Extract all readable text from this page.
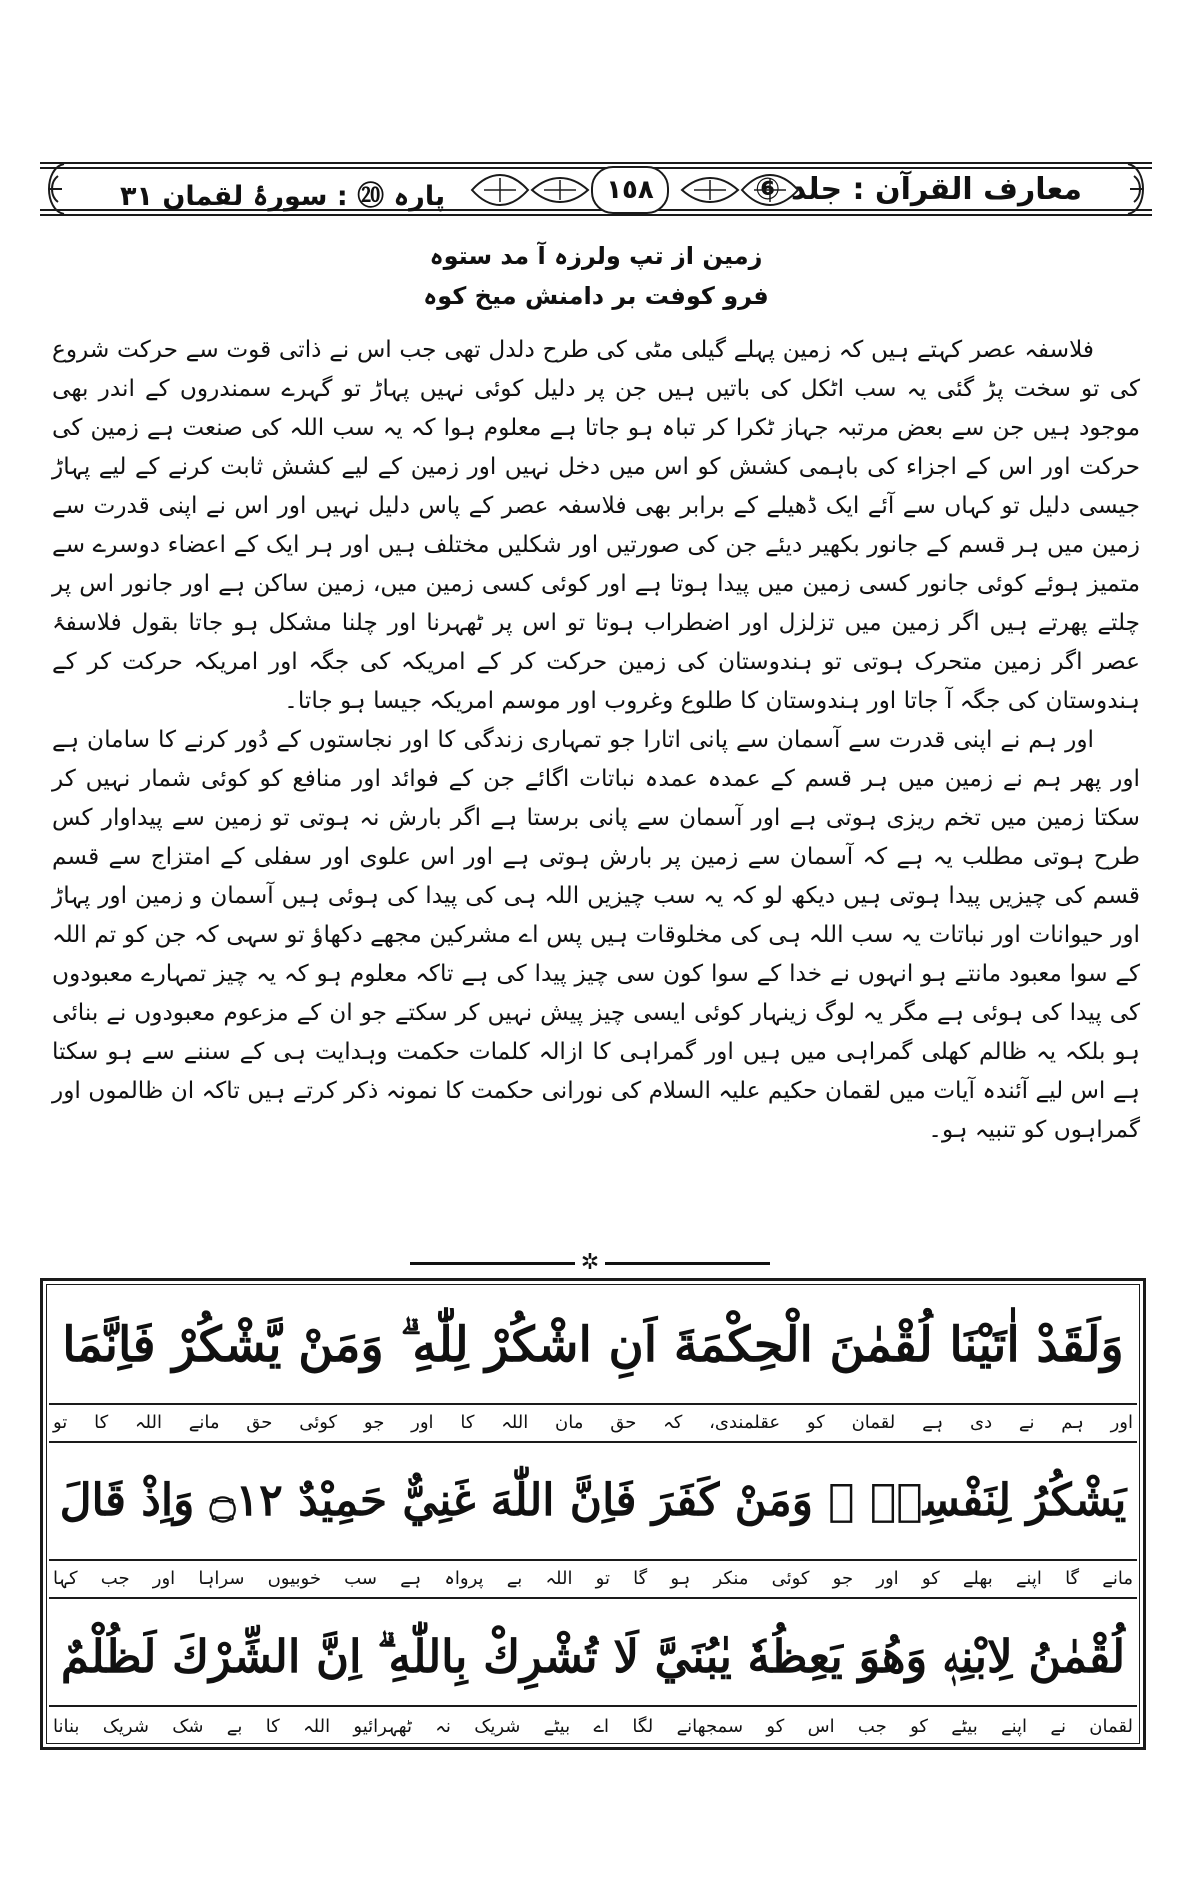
معارف القرآن : جلد ⑥
١٥٨
پارہ ⑳ : سورۂ لقمان ٣١
زمین از تپ ولرزہ آ مد ستوہ
فرو کوفت بر دامنش میخ کوہ

فلاسفہ عصر کہتے ہیں کہ زمین پہلے گیلی مٹی کی طرح دلدل تھی جب اس نے ذاتی قوت سے حرکت شروع کی تو سخت پڑ گئی یہ سب اٹکل کی باتیں ہیں جن پر دلیل کوئی نہیں پہاڑ تو گہرے سمندروں کے اندر بھی موجود ہیں جن سے بعض مرتبہ جہاز ٹکرا کر تباہ ہو جاتا ہے معلوم ہوا کہ یہ سب اللہ کی صنعت ہے زمین کی حرکت اور اس کے اجزاء کی باہمی کشش کو اس میں دخل نہیں اور زمین کے لیے کشش ثابت کرنے کے لیے پہاڑ جیسی دلیل تو کہاں سے آئے ایک ڈھیلے کے برابر بھی فلاسفہ عصر کے پاس دلیل نہیں اور اس نے اپنی قدرت سے زمین میں ہر قسم کے جانور بکھیر دیئے جن کی صورتیں اور شکلیں مختلف ہیں اور ہر ایک کے اعضاء دوسرے سے متمیز ہوئے کوئی جانور کسی زمین میں پیدا ہوتا ہے اور کوئی کسی زمین میں، زمین ساکن ہے اور جانور اس پر چلتے پھرتے ہیں اگر زمین میں تزلزل اور اضطراب ہوتا تو اس پر ٹھہرنا اور چلنا مشکل ہو جاتا بقول فلاسفۂ عصر اگر زمین متحرک ہوتی تو ہندوستان کی زمین حرکت کر کے امریکہ کی جگہ اور امریکہ حرکت کر کے ہندوستان کی جگہ آ جاتا اور ہندوستان کا طلوع وغروب اور موسم امریکہ جیسا ہو جاتا۔

اور ہم نے اپنی قدرت سے آسمان سے پانی اتارا جو تمہاری زندگی کا اور نجاستوں کے دُور کرنے کا سامان ہے اور پھر ہم نے زمین میں ہر قسم کے عمدہ عمدہ نباتات اگائے جن کے فوائد اور منافع کو کوئی شمار نہیں کر سکتا زمین میں تخم ریزی ہوتی ہے اور آسمان سے پانی برستا ہے اگر بارش نہ ہوتی تو زمین سے پیداوار کس طرح ہوتی مطلب یہ ہے کہ آسمان سے زمین پر بارش ہوتی ہے اور اس علوی اور سفلی کے امتزاج سے قسم قسم کی چیزیں پیدا ہوتی ہیں دیکھ لو کہ یہ سب چیزیں اللہ ہی کی پیدا کی ہوئی ہیں آسمان و زمین اور پہاڑ اور حیوانات اور نباتات یہ سب اللہ ہی کی مخلوقات ہیں پس اے مشرکین مجھے دکھاؤ تو سہی کہ جن کو تم اللہ کے سوا معبود مانتے ہو انہوں نے خدا کے سوا کون سی چیز پیدا کی ہے تاکہ معلوم ہو کہ یہ چیز تمہارے معبودوں کی پیدا کی ہوئی ہے مگر یہ لوگ زینہار کوئی ایسی چیز پیش نہیں کر سکتے جو ان کے مزعوم معبودوں نے بنائی ہو بلکہ یہ ظالم کھلی گمراہی میں ہیں اور گمراہی کا ازالہ کلمات حکمت وہدایت ہی کے سننے سے ہو سکتا ہے اس لیے آئندہ آیات میں لقمان حکیم علیہ السلام کی نورانی حکمت کا نمونہ ذکر کرتے ہیں تاکہ ان ظالموں اور گمراہوں کو تنبیہ ہو۔

✲
وَلَقَدْ اٰتَيْنَا لُقْمٰنَ الْحِكْمَةَ اَنِ اشْكُرْ لِلّٰهِ ۗ وَمَنْ يَّشْكُرْ فَاِنَّمَا
اور ہم نے دی ہے لقمان کو عقلمندی، کہ حق مان اللہ کا اور جو کوئی حق مانے اللہ کا تو
يَشْكُرُ لِنَفْسِهٖ ۚ وَمَنْ كَفَرَ فَاِنَّ اللّٰهَ غَنِيٌّ حَمِيْدٌ ۝١٢ وَاِذْ قَالَ
مانے گا اپنے بھلے کو اور جو کوئی منکر ہو گا تو اللہ بے پرواہ ہے سب خوبیوں سراہا اور جب کہا
لُقْمٰنُ لِابْنِهٖ وَهُوَ يَعِظُهٗ يٰبُنَيَّ لَا تُشْرِكْ بِاللّٰهِ ۗ اِنَّ الشِّرْكَ لَظُلْمٌ
لقمان نے اپنے بیٹے کو جب اس کو سمجھانے لگا اے بیٹے شریک نہ ٹھہرائیو اللہ کا بے شک شریک بنانا
